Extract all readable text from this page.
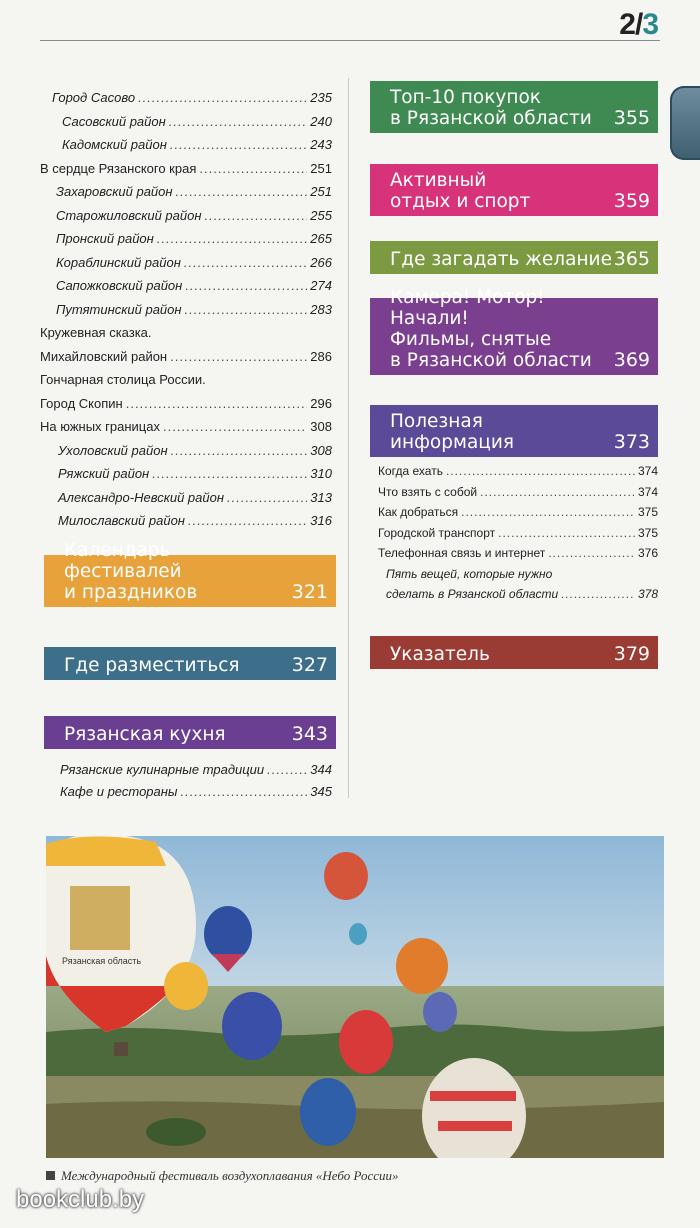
2/3
Город Сасово .....	235
Сасовский район .....	240
Кадомский район .....	243
В сердце Рязанского края .....	251
Захаровский район .....	251
Старожиловский район .....	255
Пронский район .....	265
Кораблинский район .....	266
Сапожковский район .....	274
Путятинский район .....	283
Кружевная сказка.
Михайловский район .....	286
Гончарная столица России.
Город Скопин .....	296
На южных границах .....	308
Уxоловский район .....	308
Ряжский район .....	310
Александро-Невский район .....	313
Милославский район .....	316
Календарь фестивалей
и праздников	321
Где разместиться	327
Рязанская кухня	343
Рязанские кулинарные традиции .....	344
Кафе и рестораны .....	345
Топ-10 покупок
в Рязанской области 355
Активный
отдых и спорт	359
Где загадать желание 365
Камера! Мотор! Начали!
Фильмы, снятые
в Рязанской области	369
Полезная
информация	373
Когда ехать .....	374
Что взять с собой .....	374
Как добраться .....	375
Городской транспорт .....	375
Телефонная связь и интернет .....	376
Пять вещей, которые нужно
сделать в Рязанской области .....	378
Указатель	379
Рязанская область
Международный фестиваль воздухоплавания «Небо России»
bookclub.by
